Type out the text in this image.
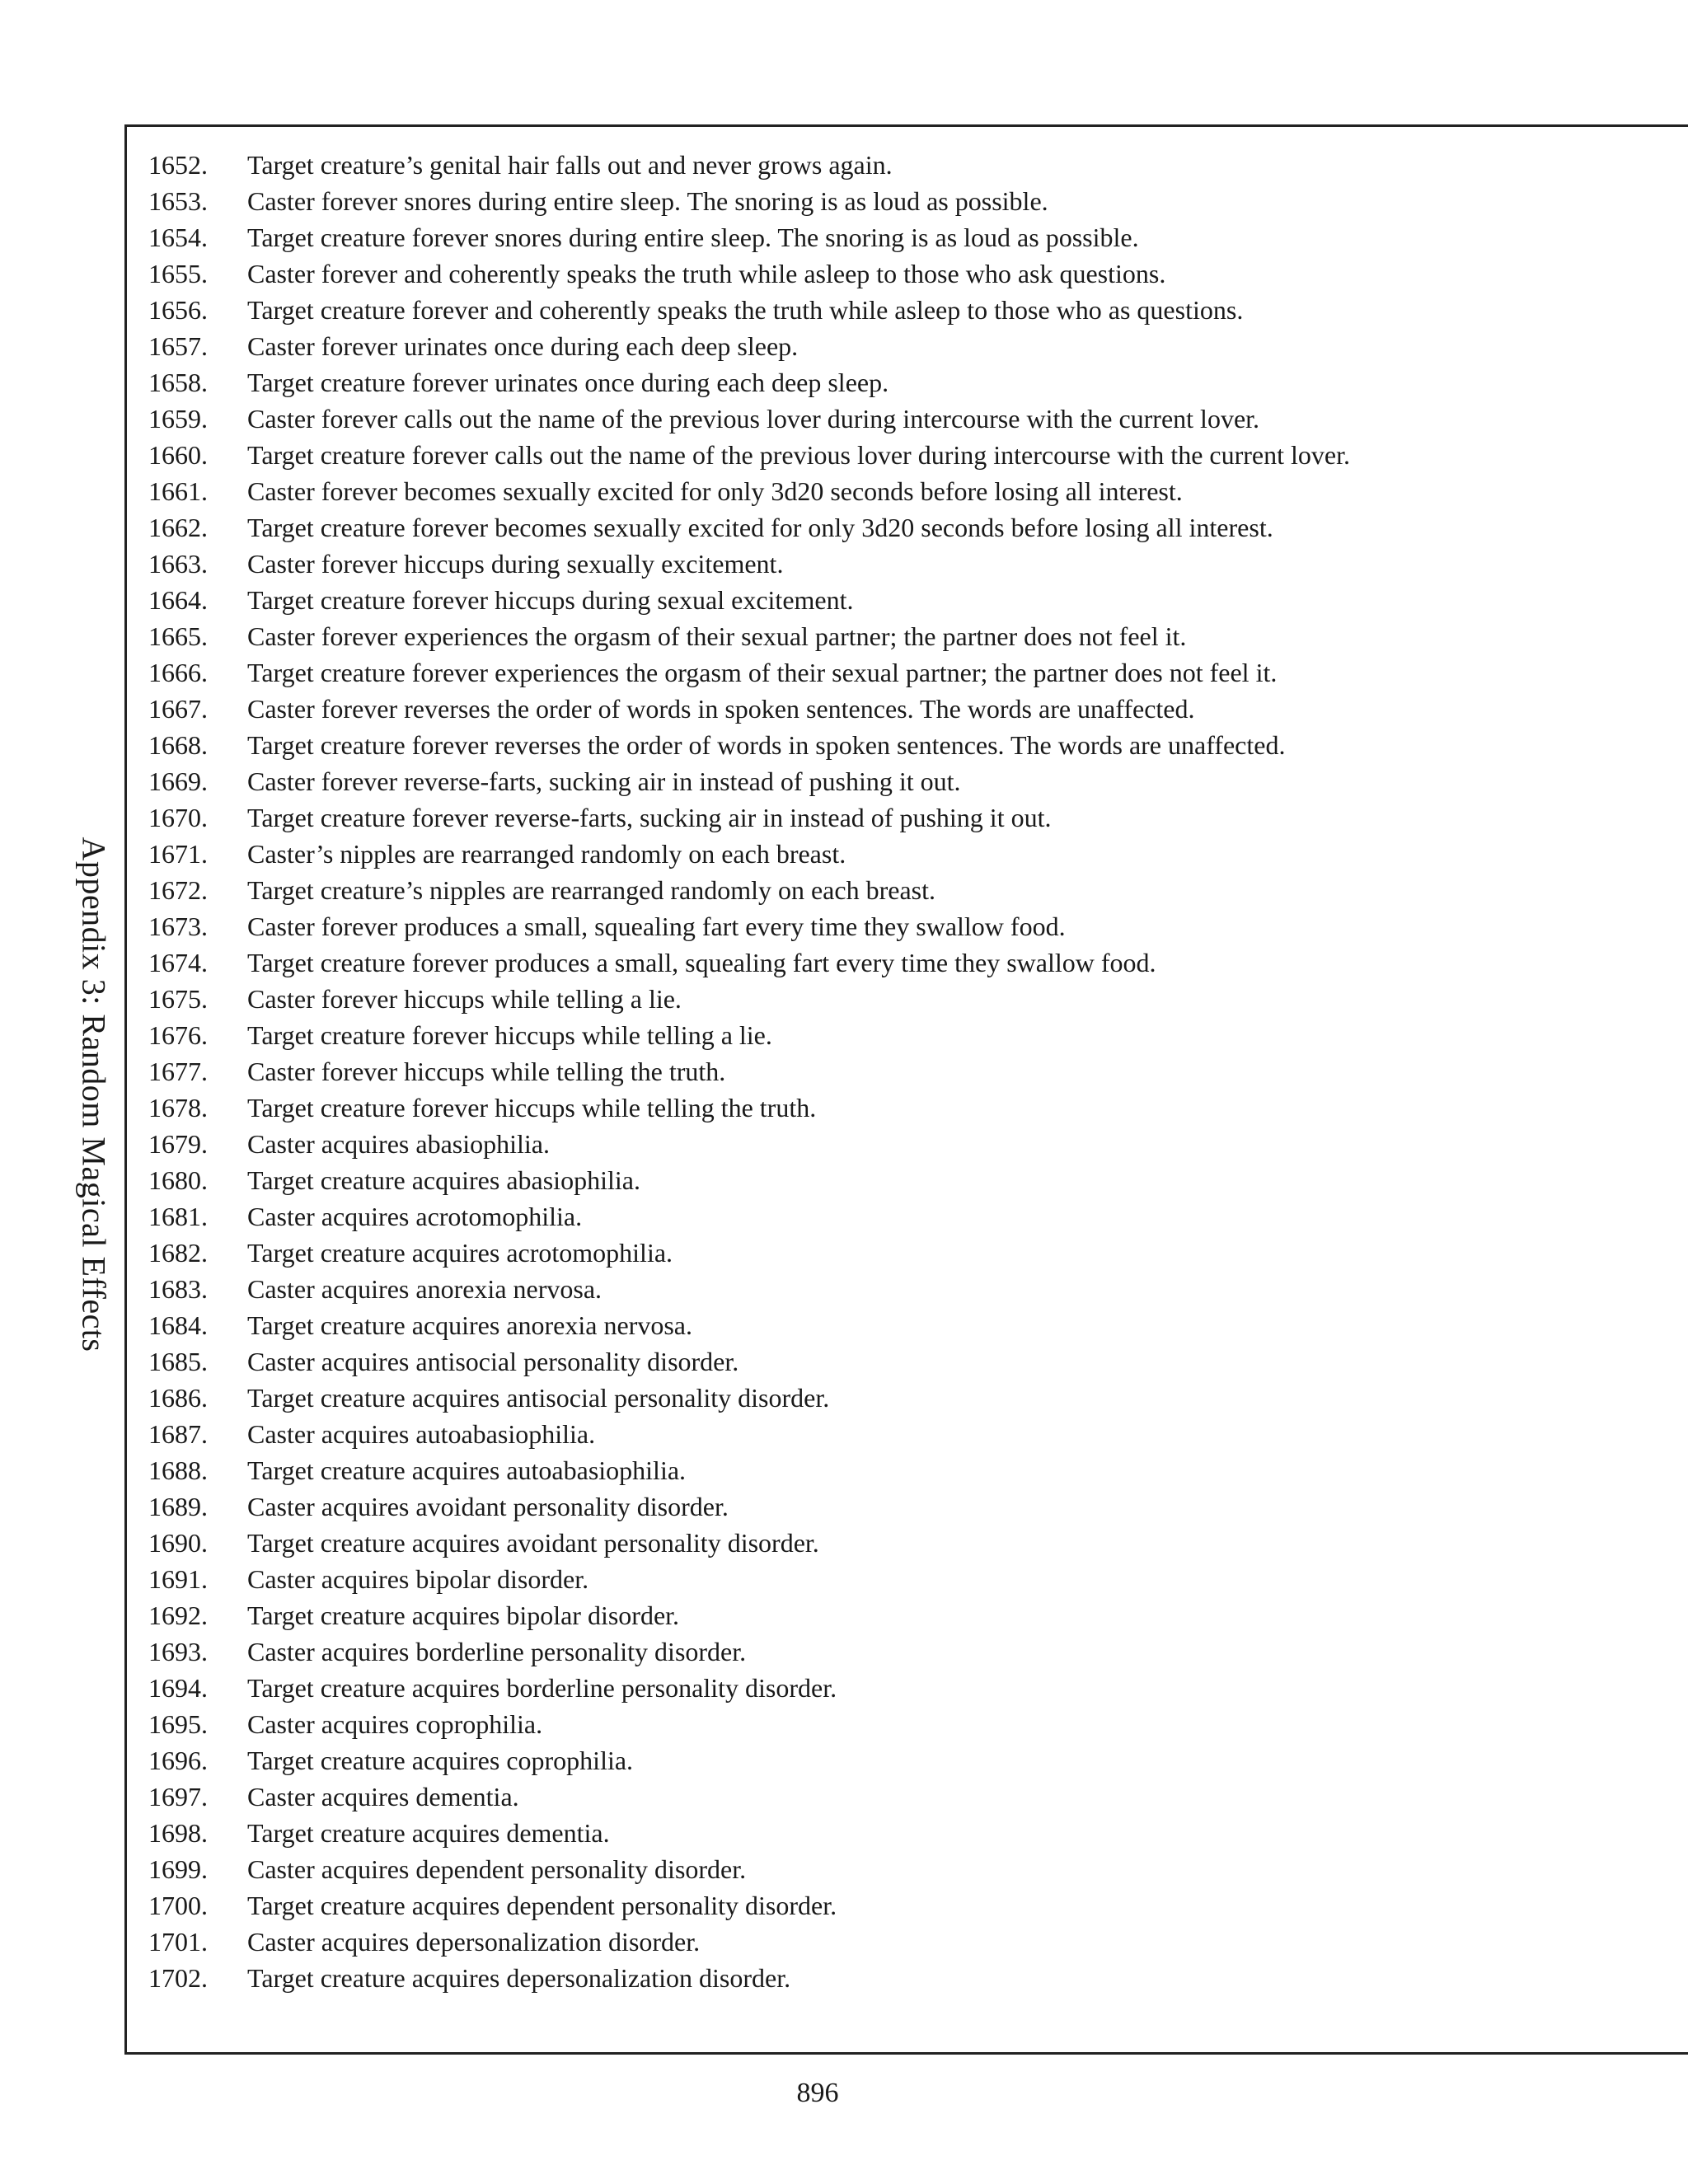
Appendix 3: Random Magical Effects
1652.	Target creature’s genital hair falls out and never grows again.
1653.	Caster forever snores during entire sleep. The snoring is as loud as possible.
1654.	Target creature forever snores during entire sleep. The snoring is as loud as possible.
1655.	Caster forever and coherently speaks the truth while asleep to those who ask questions.
1656.	Target creature forever and coherently speaks the truth while asleep to those who as questions.
1657.	Caster forever urinates once during each deep sleep.
1658.	Target creature forever urinates once during each deep sleep.
1659.	Caster forever calls out the name of the previous lover during intercourse with the current lover.
1660.	Target creature forever calls out the name of the previous lover during intercourse with the current lover.
1661.	Caster forever becomes sexually excited for only 3d20 seconds before losing all interest.
1662.	Target creature forever becomes sexually excited for only 3d20 seconds before losing all interest.
1663.	Caster forever hiccups during sexually excitement.
1664.	Target creature forever hiccups during sexual excitement.
1665.	Caster forever experiences the orgasm of their sexual partner; the partner does not feel it.
1666.	Target creature forever experiences the orgasm of their sexual partner; the partner does not feel it.
1667.	Caster forever reverses the order of words in spoken sentences. The words are unaffected.
1668.	Target creature forever reverses the order of words in spoken sentences. The words are unaffected.
1669.	Caster forever reverse-farts, sucking air in instead of pushing it out.
1670.	Target creature forever reverse-farts, sucking air in instead of pushing it out.
1671.	Caster’s nipples are rearranged randomly on each breast.
1672.	Target creature’s nipples are rearranged randomly on each breast.
1673.	Caster forever produces a small, squealing fart every time they swallow food.
1674.	Target creature forever produces a small, squealing fart every time they swallow food.
1675.	Caster forever hiccups while telling a lie.
1676.	Target creature forever hiccups while telling a lie.
1677.	Caster forever hiccups while telling the truth.
1678.	Target creature forever hiccups while telling the truth.
1679.	Caster acquires abasiophilia.
1680.	Target creature acquires abasiophilia.
1681.	Caster acquires acrotomophilia.
1682.	Target creature acquires acrotomophilia.
1683.	Caster acquires anorexia nervosa.
1684.	Target creature acquires anorexia nervosa.
1685.	Caster acquires antisocial personality disorder.
1686.	Target creature acquires antisocial personality disorder.
1687.	Caster acquires autoabasiophilia.
1688.	Target creature acquires autoabasiophilia.
1689.	Caster acquires avoidant personality disorder.
1690.	Target creature acquires avoidant personality disorder.
1691.	Caster acquires bipolar disorder.
1692.	Target creature acquires bipolar disorder.
1693.	Caster acquires borderline personality disorder.
1694.	Target creature acquires borderline personality disorder.
1695.	Caster acquires coprophilia.
1696.	Target creature acquires coprophilia.
1697.	Caster acquires dementia.
1698.	Target creature acquires dementia.
1699.	Caster acquires dependent personality disorder.
1700.	Target creature acquires dependent personality disorder.
1701.	Caster acquires depersonalization disorder.
1702.	Target creature acquires depersonalization disorder.
896
